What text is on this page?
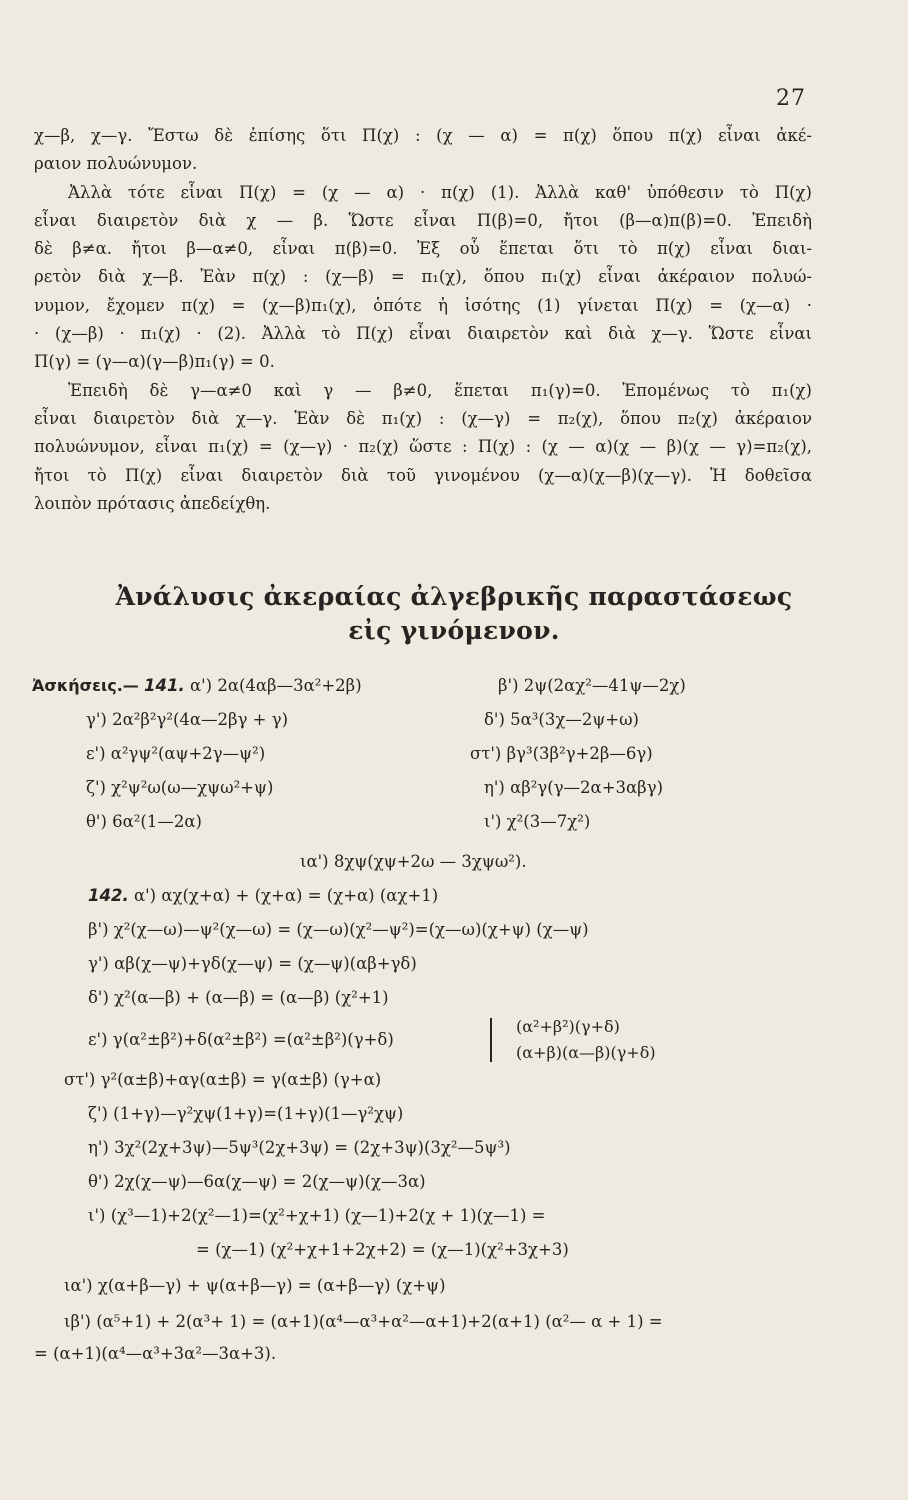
27
χ—β, χ—γ. Ἔστω δὲ ἐπίσης ὅτι Π(χ) : (χ — α) = π(χ) ὅπου π(χ) εἶναι ἀκέ-
ραιον πολυώνυμον.
Ἀλλὰ τότε εἶναι Π(χ) = (χ — α) · π(χ) (1). Ἀλλὰ καθ' ὑπόθεσιν τὸ Π(χ)
εἶναι διαιρετὸν διὰ χ — β. Ὥστε εἶναι Π(β)=0, ἤτοι (β—α)π(β)=0. Ἐπειδὴ
δὲ β≠α. ἤτοι β—α≠0, εἶναι π(β)=0. Ἐξ οὗ ἕπεται ὅτι τὸ π(χ) εἶναι διαι-
ρετὸν διὰ χ—β. Ἐὰν π(χ) : (χ—β) = π₁(χ), ὅπου π₁(χ) εἶναι ἀκέραιον πολυώ-
νυμον, ἔχομεν π(χ) = (χ—β)π₁(χ), ὁπότε ἡ ἰσότης (1) γίνεται Π(χ) = (χ—α) ·
· (χ—β) · π₁(χ) · (2). Ἀλλὰ τὸ Π(χ) εἶναι διαιρετὸν καὶ διὰ χ—γ. Ὥστε εἶναι
Π(γ) = (γ—α)(γ—β)π₁(γ) = 0.
Ἐπειδὴ δὲ γ—α≠0 καὶ γ — β≠0, ἕπεται π₁(γ)=0. Ἑπομένως τὸ π₁(χ)
εἶναι διαιρετὸν διὰ χ—γ. Ἐὰν δὲ π₁(χ) : (χ—γ) = π₂(χ), ὅπου π₂(χ) ἀκέραιον
πολυώνυμον, εἶναι π₁(χ) = (χ—γ) · π₂(χ) ὥστε : Π(χ) : (χ — α)(χ — β)(χ — γ)=π₂(χ),
ἤτοι τὸ Π(χ) εἶναι διαιρετὸν διὰ τοῦ γινομένου (χ—α)(χ—β)(χ—γ). Ἡ δοθεῖσα
λοιπὸν πρότασις ἀπεδείχθη.
Ἀνάλυσις ἀκεραίας ἀλγεβρικῆς παραστάσεως
εἰς γινόμενον.
Ἀσκήσεις.— 141. α') 2α(4αβ—3α²+2β)	β') 2ψ(2αχ²—41ψ—2χ)
γ') 2α²β²γ²(4α—2βγ + γ)	δ') 5α³(3χ—2ψ+ω)
ε') α²γψ²(αψ+2γ—ψ²)	στ') βγ³(3β²γ+2β—6γ)
ζ') χ²ψ²ω(ω—χψω²+ψ)	η') αβ²γ(γ—2α+3αβγ)
θ') 6α²(1—2α)	ι') χ²(3—7χ²)
ια') 8χψ(χψ+2ω — 3χψω²).
142. α') αχ(χ+α) + (χ+α) = (χ+α) (αχ+1)
β') χ²(χ—ω)—ψ²(χ—ω) = (χ—ω)(χ²—ψ²)=(χ—ω)(χ+ψ) (χ—ψ)
γ') αβ(χ—ψ)+γδ(χ—ψ) = (χ—ψ)(αβ+γδ)
δ') χ²(α—β) + (α—β) = (α—β) (χ²+1)
ε') γ(α²±β²)+δ(α²±β²) =(α²±β²)(γ+δ)
(α²+β²)(γ+δ)
(α+β)(α—β)(γ+δ)
στ') γ²(α±β)+αγ(α±β) = γ(α±β) (γ+α)
ζ') (1+γ)—γ²χψ(1+γ)=(1+γ)(1—γ²χψ)
η') 3χ²(2χ+3ψ)—5ψ³(2χ+3ψ) = (2χ+3ψ)(3χ²—5ψ³)
θ') 2χ(χ—ψ)—6α(χ—ψ) = 2(χ—ψ)(χ—3α)
ι') (χ³—1)+2(χ²—1)=(χ²+χ+1) (χ—1)+2(χ + 1)(χ—1) =
= (χ—1) (χ²+χ+1+2χ+2) = (χ—1)(χ²+3χ+3)
ια') χ(α+β—γ) + ψ(α+β—γ) = (α+β—γ) (χ+ψ)
ιβ') (α⁵+1) + 2(α³+ 1) = (α+1)(α⁴—α³+α²—α+1)+2(α+1) (α²— α + 1) =
= (α+1)(α⁴—α³+3α²—3α+3).
